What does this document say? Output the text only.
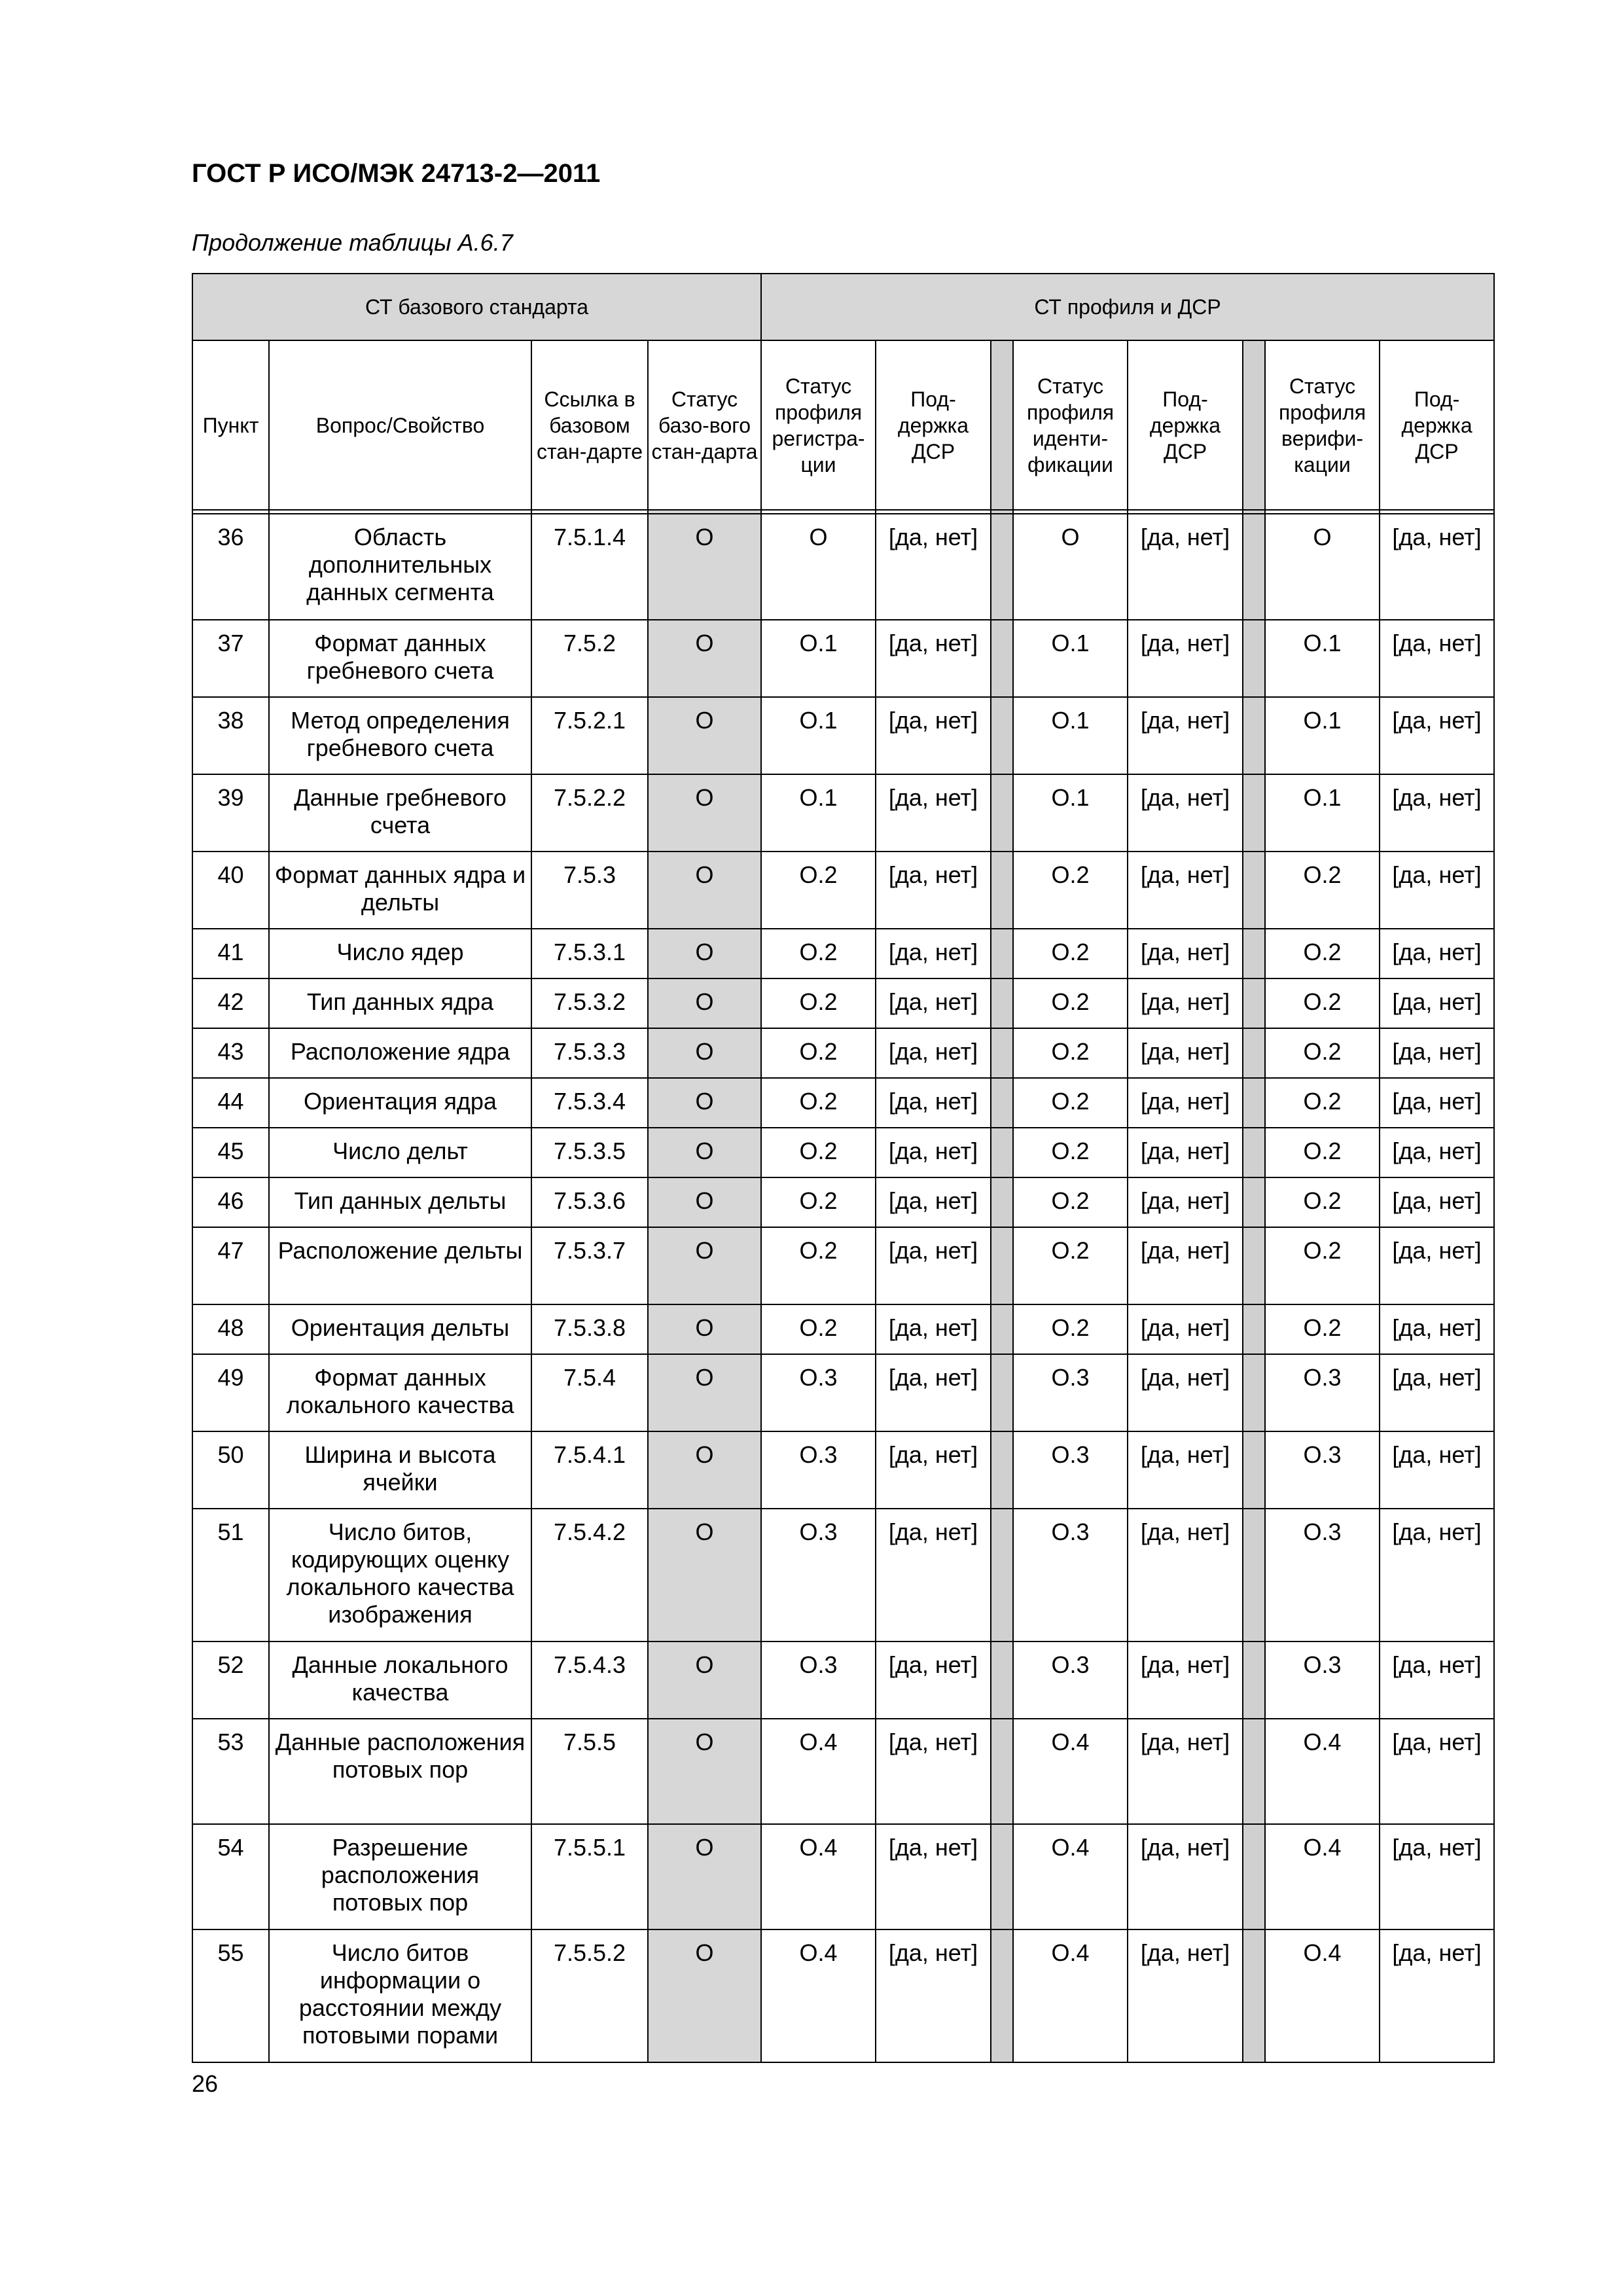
ГОСТ Р ИСО/МЭК 24713-2—2011
Продолжение таблицы А.6.7
СТ базового стандарта				СТ профиля и ДСР							
Пункт	Вопрос/Свойство	Ссылка в базовом стан-дарте	Статус базо-вого стан-дарта	Статус профиля регистра-ции	Под-держка ДСР		Статус профиля иденти-фикации	Под-держка ДСР		Статус профиля верифи-кации	Под-держка ДСР

36	Область дополнительных данных сегмента	7.5.1.4	O	O	[да, нет]		O	[да, нет]		O	[да, нет]
37	Формат данных гребневого счета	7.5.2	O	O.1	[да, нет]		O.1	[да, нет]		O.1	[да, нет]
38	Метод определения гребневого счета	7.5.2.1	O	O.1	[да, нет]		O.1	[да, нет]		O.1	[да, нет]
39	Данные гребневого счета	7.5.2.2	O	O.1	[да, нет]		O.1	[да, нет]		O.1	[да, нет]
40	Формат данных ядра и дельты	7.5.3	O	O.2	[да, нет]		O.2	[да, нет]		O.2	[да, нет]
41	Число ядер	7.5.3.1	O	O.2	[да, нет]		O.2	[да, нет]		O.2	[да, нет]
42	Тип данных ядра	7.5.3.2	O	O.2	[да, нет]		O.2	[да, нет]		O.2	[да, нет]
43	Расположение ядра	7.5.3.3	O	O.2	[да, нет]		O.2	[да, нет]		O.2	[да, нет]
44	Ориентация ядра	7.5.3.4	O	O.2	[да, нет]		O.2	[да, нет]		O.2	[да, нет]
45	Число дельт	7.5.3.5	O	O.2	[да, нет]		O.2	[да, нет]		O.2	[да, нет]
46	Тип данных дельты	7.5.3.6	O	O.2	[да, нет]		O.2	[да, нет]		O.2	[да, нет]
47	Расположение дельты	7.5.3.7	O	O.2	[да, нет]		O.2	[да, нет]		O.2	[да, нет]
48	Ориентация дельты	7.5.3.8	O	O.2	[да, нет]		O.2	[да, нет]		O.2	[да, нет]
49	Формат данных локального качества	7.5.4	O	O.3	[да, нет]		O.3	[да, нет]		O.3	[да, нет]
50	Ширина и высота ячейки	7.5.4.1	O	O.3	[да, нет]		O.3	[да, нет]		O.3	[да, нет]
51	Число битов, кодирующих оценку локального качества изображения	7.5.4.2	O	O.3	[да, нет]		O.3	[да, нет]		O.3	[да, нет]
52	Данные локального качества	7.5.4.3	O	O.3	[да, нет]		O.3	[да, нет]		O.3	[да, нет]
53	Данные расположения потовых пор	7.5.5	O	O.4	[да, нет]		O.4	[да, нет]		O.4	[да, нет]
54	Разрешение расположения потовых пор	7.5.5.1	O	O.4	[да, нет]		O.4	[да, нет]		O.4	[да, нет]
55	Число битов информации о расстоянии между потовыми порами	7.5.5.2	O	O.4	[да, нет]		O.4	[да, нет]		O.4	[да, нет]
26
